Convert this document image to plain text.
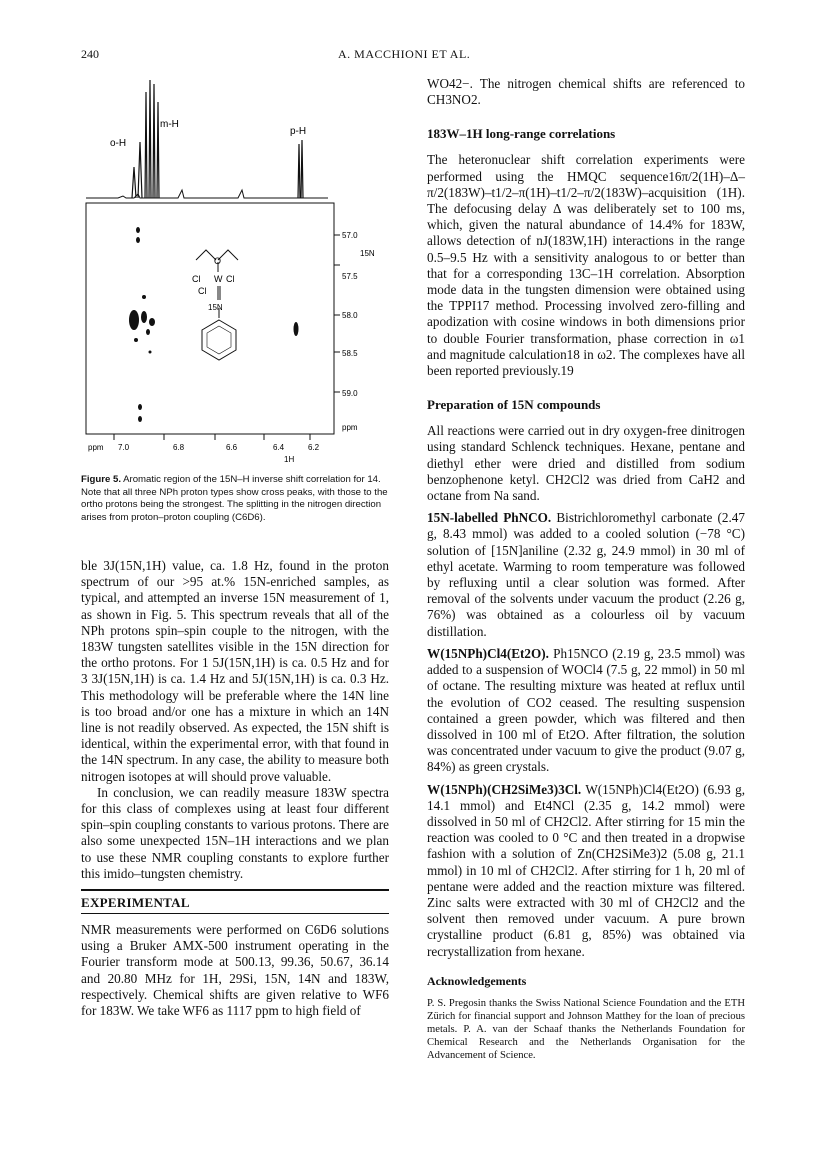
240	A. MACCHIONI ET AL.
o-H
m-H
p-H
57.0
15N
57.5
58.0
58.5
59.0
ppm
O
Cl W Cl
Cl
15N
ppm 7.0	6.8	6.6	6.4	6.2
1H
Figure 5. Aromatic region of the 15N–H inverse shift correlation for 14. Note that all three NPh proton types show cross peaks, with those to the ortho protons being the strongest. The splitting in the nitrogen direction arises from proton–proton coupling (C6D6).

ble 3J(15N,1H) value, ca. 1.8 Hz, found in the proton spectrum of our >95 at.% 15N-enriched samples, as typical, and attempted an inverse 15N measurement of 1, as shown in Fig. 5. This spectrum reveals that all of the NPh protons spin–spin couple to the nitrogen, with the 183W tungsten satellites visible in the 15N direction for the ortho protons. For 1 5J(15N,1H) is ca. 0.5 Hz and for 3 3J(15N,1H) is ca. 1.4 Hz and 5J(15N,1H) is ca. 0.3 Hz. This methodology will be preferable where the 14N line is too broad and/or one has a mixture in which an 14N line is not readily observed. As expected, the 15N shift is identical, within the experimental error, with that found in the 14N spectrum. In any case, the ability to measure both nitrogen isotopes at will should prove valuable.

In conclusion, we can readily measure 183W spectra for this class of complexes using at least four different spin–spin coupling constants to various protons. There are also some unexpected 15N–1H interactions and we plan to use these NMR coupling constants to explore further this imido–tungsten chemistry.

EXPERIMENTAL

NMR measurements were performed on C6D6 solutions using a Bruker AMX-500 instrument operating in the Fourier transform mode at 500.13, 99.36, 50.67, 36.14 and 20.80 MHz for 1H, 29Si, 15N, 14N and 183W, respectively. Chemical shifts are given relative to WF6 for 183W. We take WF6 as 1117 ppm to high field of

WO42−. The nitrogen chemical shifts are referenced to CH3NO2.

183W–1H long-range correlations

The heteronuclear shift correlation experiments were performed using the HMQC sequence16π/2(1H)–Δ–π/2(183W)–t1/2–π(1H)–t1/2–π/2(183W)–acquisition (1H). The defocusing delay Δ was deliberately set to 100 ms, which, given the natural abundance of 14.4% for 183W, allows detection of nJ(183W,1H) interactions in the range 0.5–9.5 Hz with a sensitivity analogous to or better than that for a corresponding 13C–1H correlation. Absorption mode data in the tungsten dimension were obtained using the TPPI17 method. Processing involved zero-filling and apodization with cosine windows in both dimensions prior to double Fourier transformation, phase correction in ω1 and magnitude calculation18 in ω2. The complexes have all been reported previously.19

Preparation of 15N compounds

All reactions were carried out in dry oxygen-free dinitrogen using standard Schlenck techniques. Hexane, pentane and diethyl ether were dried and distilled from sodium benzophenone ketyl. CH2Cl2 was dried from CaH2 and octane from Na sand.

15N-labelled PhNCO. Bistrichloromethyl carbonate (2.47 g, 8.43 mmol) was added to a cooled solution (−78 °C) solution of [15N]aniline (2.32 g, 24.9 mmol) in 30 ml of ethyl acetate. Warming to room temperature was followed by refluxing until a clear solution was formed. After removal of the solvents under vacuum the product (2.26 g, 76%) was obtained as a colourless oil by vacuum distillation.

W(15NPh)Cl4(Et2O). Ph15NCO (2.19 g, 23.5 mmol) was added to a suspension of WOCl4 (7.5 g, 22 mmol) in 50 ml of octane. The resulting mixture was heated at reflux until the evolution of CO2 ceased. The resulting suspension contained a green powder, which was filtered and then dissolved in 100 ml of Et2O. After filtration, the solution was concentrated under vacuum to give the product (9.07 g, 84%) as green crystals.

W(15NPh)(CH2SiMe3)3Cl. W(15NPh)Cl4(Et2O) (6.93 g, 14.1 mmol) and Et4NCl (2.35 g, 14.2 mmol) were dissolved in 50 ml of CH2Cl2. After stirring for 15 min the reaction was cooled to 0 °C and then treated in a dropwise fashion with a solution of Zn(CH2SiMe3)2 (5.08 g, 21.1 mmol) in 10 ml of CH2Cl2. After stirring for 1 h, 20 ml of pentane were added and the reaction mixture was filtered. Zinc salts were extracted with 30 ml of CH2Cl2 and the solvent then removed under vacuum. A pure brown crystalline product (6.81 g, 85%) was obtained via recrystallization from hexane.

Acknowledgements

P. S. Pregosin thanks the Swiss National Science Foundation and the ETH Zürich for financial support and Johnson Matthey for the loan of precious metals. P. A. van der Schaaf thanks the Netherlands Foundation for Chemical Research and the Netherlands Organisation for the Advancement of Science.
